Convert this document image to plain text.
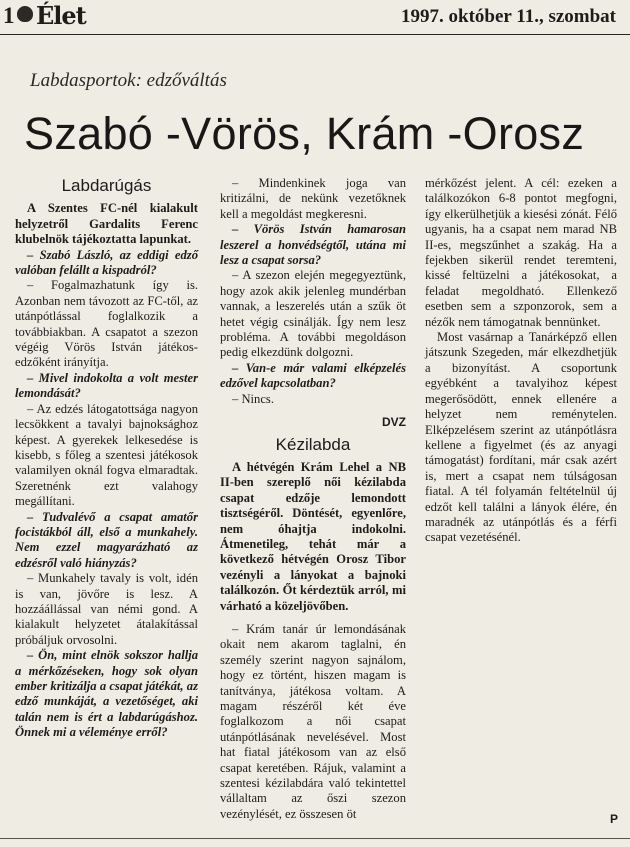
1 Élet	1997. október 11., szombat
Labdasportok: edzőváltás
Szabó -Vörös, Krám -Orosz
Labdarúgás

A Szentes FC-nél kialakult helyzetről Gardalits Ferenc klubelnök tájékoztatta lapunkat.

– Szabó László, az eddigi edző valóban felállt a kispadról?

– Fogalmazhatunk így is. Azonban nem távozott az FC-től, az utánpótlással foglalkozik a továbbiakban. A csapatot a szezon végéig Vörös István játékos-edzőként irányítja.

– Mivel indokolta a volt mester lemondását?

– Az edzés látogatottsága nagyon lecsökkent a tavalyi bajnoksághoz képest. A gyerekek lelkesedése is kisebb, s főleg a szentesi játékosok valamilyen oknál fogva elmaradtak. Szeretnénk ezt valahogy megállítani.

– Tudvalévő a csapat amatőr focistákból áll, első a munkahely. Nem ezzel magyarázható az edzésről való hiányzás?

– Munkahely tavaly is volt, idén is van, jövőre is lesz. A hozzáállással van némi gond. A kialakult helyzetet átalakítással próbáljuk orvosolni.

– Ön, mint elnök sokszor hallja a mérkőzéseken, hogy sok olyan ember kritizálja a csapat játékát, az edző munkáját, a vezetőséget, aki talán nem is ért a labdarúgáshoz. Önnek mi a véleménye erről?

– Mindenkinek joga van kritizálni, de nekünk vezetőknek kell a megoldást megkeresni.

– Vörös István hamarosan leszerel a honvédségtől, utána mi lesz a csapat sorsa?

– A szezon elején megegyeztünk, hogy azok akik jelenleg mundérban vannak, a leszerelés után a szűk öt hetet végig csinálják. Így nem lesz probléma. A további megoldáson pedig elkezdünk dolgozni.

– Van-e már valami elképzelés edzővel kapcsolatban?

– Nincs.

DVZ
Kézilabda

A hétvégén Krám Lehel a NB II-ben szereplő női kézilabda csapat edzője lemondott tisztségéről. Döntését, egyenlőre, nem óhajtja indokolni. Átmenetileg, tehát már a következő hétvégén Orosz Tibor vezényli a lányokat a bajnoki találkozón. Őt kérdeztük arról, mi várható a közeljövőben.

– Krám tanár úr lemondásának okait nem akarom taglalni, én személy szerint nagyon sajnálom, hogy ez történt, hiszen magam is tanítványa, játékosa voltam. A magam részéről két éve foglalkozom a női csapat utánpótlásának nevelésével. Most hat fiatal játékosom van az első csapat keretében. Rájuk, valamint a szentesi kézilabdára való tekintettel vállaltam az őszi szezon vezénylését, ez összesen öt

mérkőzést jelent. A cél: ezeken a találkozókon 6-8 pontot megfogni, így elkerülhetjük a kiesési zónát. Félő ugyanis, ha a csapat nem marad NB II-es, megszűnhet a szakág. Ha a fejekben sikerül rendet teremteni, kissé feltüzelni a játékosokat, a feladat megoldható. Ellenkező esetben sem a szponzorok, sem a nézők nem támogatnak bennünket.

Most vasárnap a Tanárképző ellen játszunk Szegeden, már elkezdhetjük a bizonyítást. A csoportunk egyébként a tavalyihoz képest megerősödött, ennek ellenére a helyzet nem reménytelen. Elképzelésem szerint az utánpótlásra kellene a figyelmet (és az anyagi támogatást) fordítani, már csak azért is, mert a csapat nem túlságosan fiatal. A tél folyamán feltételnül új edzőt kell találni a lányok élére, én maradnék az utánpótlás és a férfi csapat vezetésénél.

P
